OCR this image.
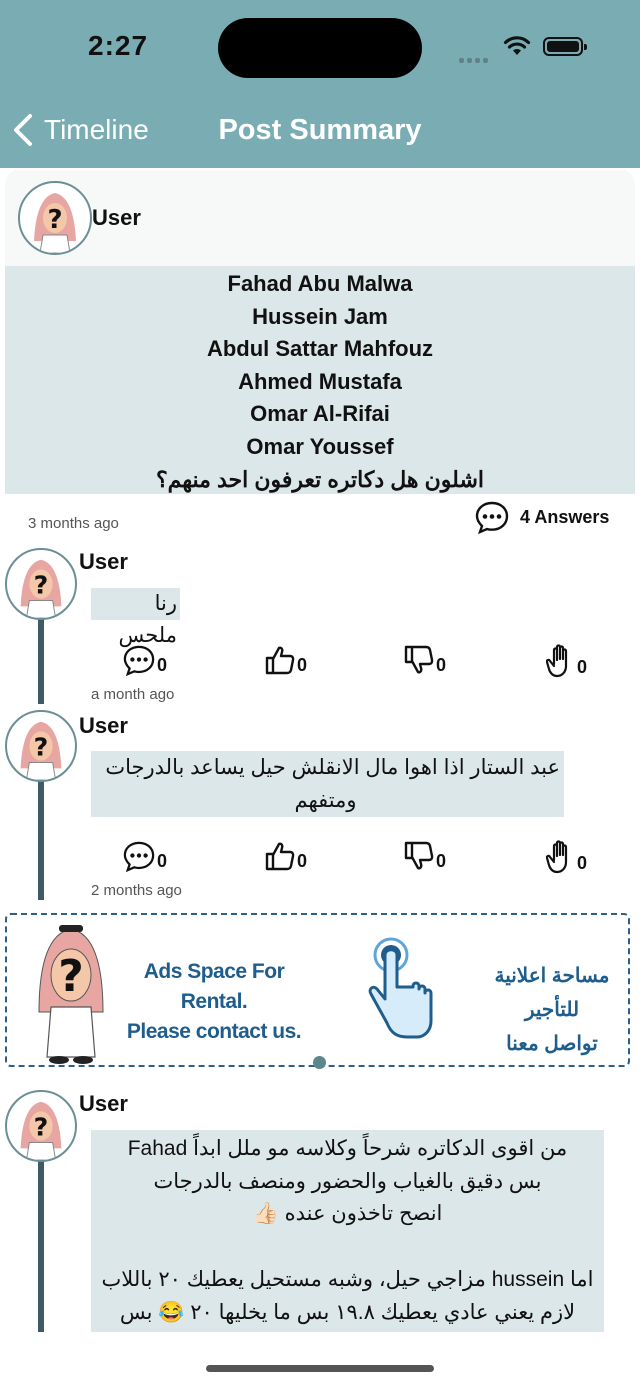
2:27
Timeline	Post Summary
? User
Fahad Abu Malwa
Hussein Jam
Abdul Sattar Mahfouz
Ahmed Mustafa
Omar Al-Rifai
Omar Youssef
اشلون هل دكاتره تعرفون احد منهم؟
3 months ago	4 Answers
?
User
رنا ملحس
0	0	0	0
a month ago
?
User
عبد الستار اذا اهوا مال الانقلش حيل يساعد بالدرجات
ومتفهم
0	0	0	0
2 months ago
?	Ads Space For Rental.
Please contact us.
مساحة اعلانية للتأجير
تواصل معنا
?
User
من اقوى الدكاتره شرحاً وكلاسه مو ملل ابداً Fahad
بس دقيق بالغياب والحضور ومنصف بالدرجات
انصح تاخذون عنده 👍🏻
اما hussein مزاجي حيل، وشبه مستحيل يعطيك ٢٠ باللاب
لازم يعني عادي يعطيك ١٩.٨ بس ما يخليها ٢٠ 😂 بس
